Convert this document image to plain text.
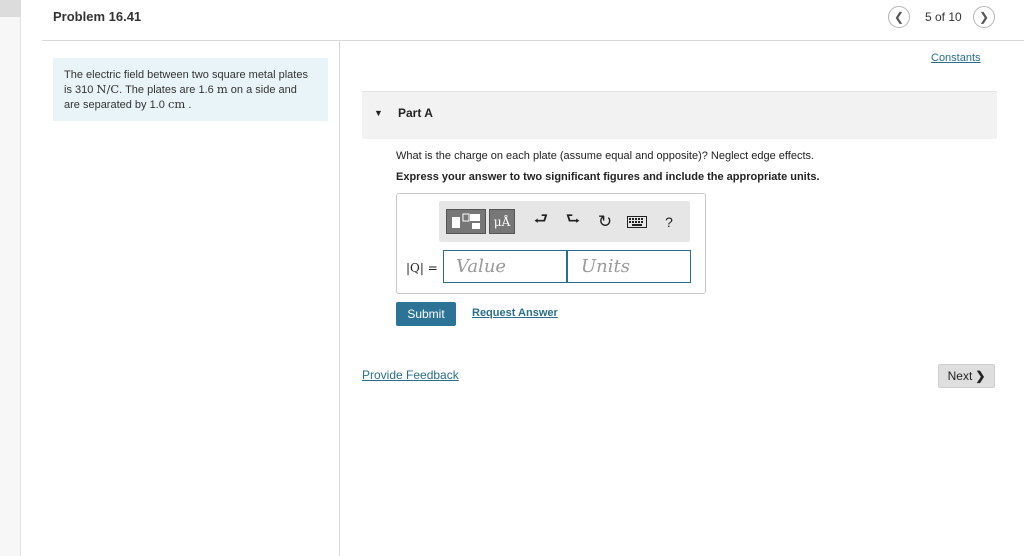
Problem 16.41	❮ 5 of 10 ❯
The electric field between two square metal plates
is 310 N/C. The plates are 1.6 m on a side and
are separated by 1.0 cm .
Constants
▼ Part A
What is the charge on each plate (assume equal and opposite)? Neglect edge effects.
Express your answer to two significant figures and include the appropriate units.
μÅ ⮐ ⮑ ↻	?
|Q| =
Value
Units
Submit	Request Answer
Provide Feedback	Next ❯
